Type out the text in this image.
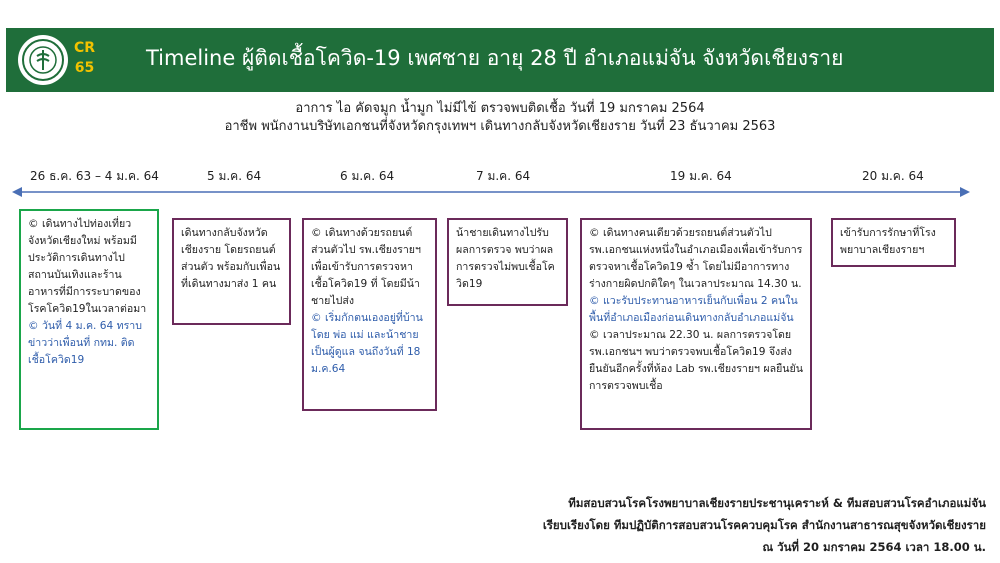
CR
65 Timeline ผู้ติดเชื้อโควิด-19 เพศชาย อายุ 28 ปี อำเภอแม่จัน จังหวัดเชียงราย
อาการ ไอ คัดจมูก น้ำมูก ไม่มีไข้ ตรวจพบติดเชื้อ วันที่ 19 มกราคม 2564
อาชีพ พนักงานบริษัทเอกชนที่จังหวัดกรุงเทพฯ เดินทางกลับจังหวัดเชียงราย วันที่ 23 ธันวาคม 2563
26 ธ.ค. 63 – 4 ม.ค. 64	5 ม.ค. 64	6 ม.ค. 64	7 ม.ค. 64	19 ม.ค. 64	20 ม.ค. 64

© เดินทางไปท่องเที่ยวจังหวัดเชียงใหม่ พร้อมมีประวัติการเดินทางไปสถานบันเทิงและร้านอาหารที่มีการระบาดของโรคโควิด19ในเวลาต่อมา

© วันที่ 4 ม.ค. 64 ทราบข่าวว่าเพื่อนที่ กทม. ติดเชื้อโควิด19

เดินทางกลับจังหวัดเชียงราย โดยรถยนต์ส่วนตัว พร้อมกับเพื่อนที่เดินทางมาส่ง 1 คน

© เดินทางด้วยรถยนต์ส่วนตัวไป รพ.เชียงรายฯ เพื่อเข้ารับการตรวจหาเชื้อโควิด19 ที่ โดยมีน้าชายไปส่ง

© เริ่มกักตนเองอยู่ที่บ้าน โดย พ่อ แม่ และน้าชายเป็นผู้ดูแล จนถึงวันที่ 18 ม.ค.64

น้าชายเดินทางไปรับผลการตรวจ พบว่าผลการตรวจไม่พบเชื้อโควิด19

© เดินทางคนเดียวด้วยรถยนต์ส่วนตัวไป รพ.เอกชนแห่งหนึ่งในอำเภอเมืองเพื่อเข้ารับการตรวจหาเชื้อโควิด19 ซ้ำ โดยไม่มีอาการทางร่างกายผิดปกติใดๆ ในเวลาประมาณ 14.30 น.

© แวะรับประทานอาหารเย็นกับเพื่อน 2 คนในพื้นที่อำเภอเมืองก่อนเดินทางกลับอำเภอแม่จัน

© เวลาประมาณ 22.30 น. ผลการตรวจโดย รพ.เอกชนฯ พบว่าตรวจพบเชื้อโควิด19 จึงส่งยืนยันอีกครั้งที่ห้อง Lab รพ.เชียงรายฯ ผลยืนยันการตรวจพบเชื้อ

เข้ารับการรักษาที่โรงพยาบาลเชียงรายฯ

ทีมสอบสวนโรคโรงพยาบาลเชียงรายประชานุเคราะห์ & ทีมสอบสวนโรคอำเภอแม่จัน
เรียบเรียงโดย ทีมปฏิบัติการสอบสวนโรคควบคุมโรค สำนักงานสาธารณสุขจังหวัดเชียงราย
ณ วันที่ 20 มกราคม 2564 เวลา 18.00 น.
